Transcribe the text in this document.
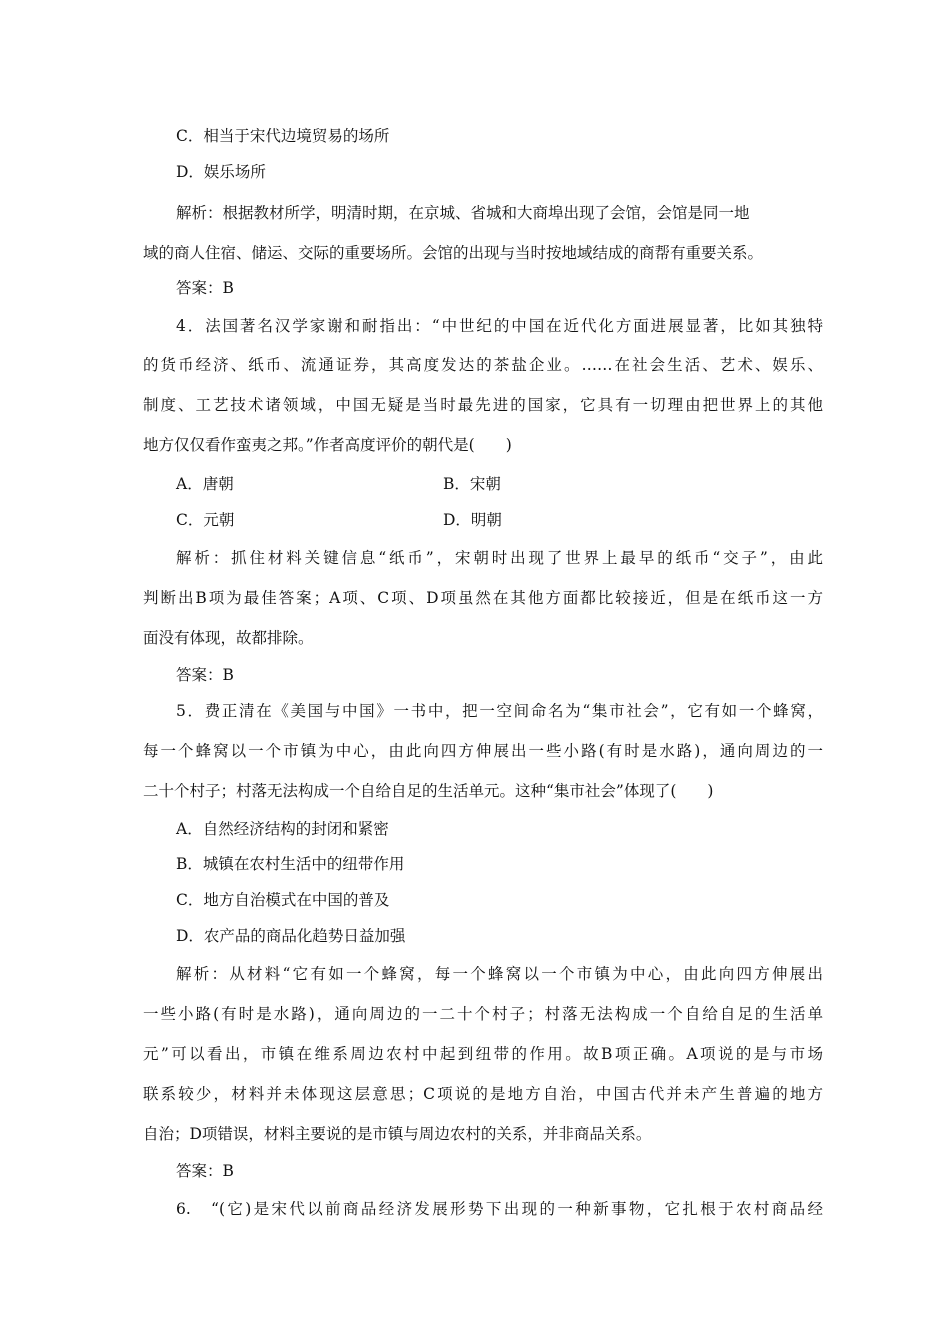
C．相当于宋代边境贸易的场所
D．娱乐场所
解析：根据教材所学，明清时期，在京城、省城和大商埠出现了会馆，会馆是同一地
域的商人住宿、储运、交际的重要场所。会馆的出现与当时按地域结成的商帮有重要关系。
答案：B
4．法国著名汉学家谢和耐指出：“中世纪的中国在近代化方面进展显著，比如其独特
的货币经济、纸币、流通证券，其高度发达的茶盐企业。……在社会生活、艺术、娱乐、
制度、工艺技术诸领域，中国无疑是当时最先进的国家，它具有一切理由把世界上的其他
地方仅仅看作蛮夷之邦。”作者高度评价的朝代是(　　)
A．唐朝	B．宋朝
C．元朝	D．明朝
解析：抓住材料关键信息“纸币”，宋朝时出现了世界上最早的纸币“交子”，由此
判断出B项为最佳答案；A项、C项、D项虽然在其他方面都比较接近，但是在纸币这一方
面没有体现，故都排除。
答案：B
5．费正清在《美国与中国》一书中，把一空间命名为“集市社会”，它有如一个蜂窝，
每一个蜂窝以一个市镇为中心，由此向四方伸展出一些小路(有时是水路)，通向周边的一
二十个村子；村落无法构成一个自给自足的生活单元。这种“集市社会”体现了(　　)
A．自然经济结构的封闭和紧密
B．城镇在农村生活中的纽带作用
C．地方自治模式在中国的普及
D．农产品的商品化趋势日益加强
解析：从材料“它有如一个蜂窝，每一个蜂窝以一个市镇为中心，由此向四方伸展出
一些小路(有时是水路)，通向周边的一二十个村子；村落无法构成一个自给自足的生活单
元”可以看出，市镇在维系周边农村中起到纽带的作用。故B项正确。A项说的是与市场
联系较少，材料并未体现这层意思；C项说的是地方自治，中国古代并未产生普遍的地方
自治；D项错误，材料主要说的是市镇与周边农村的关系，并非商品关系。
答案：B
6.　“(它)是宋代以前商品经济发展形势下出现的一种新事物，它扎根于农村商品经
